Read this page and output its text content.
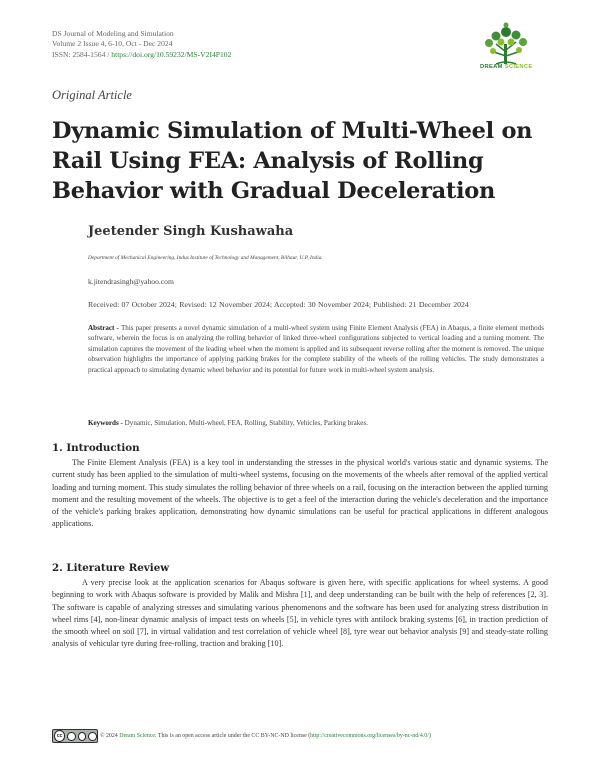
DS Journal of Modeling and Simulation
Volume 2 Issue 4, 6-10, Oct - Dec 2024
ISSN: 2584-1564 / https://doi.org/10.59232/MS-V2I4P102
DREAM SCIENCE
Original Article
Dynamic Simulation of Multi-Wheel on Rail Using FEA: Analysis of Rolling Behavior with Gradual Deceleration
Jeetender Singh Kushawaha
Department of Mechanical Engineering, Indus Institute of Technology and Management, Bilhaur, U.P, India.
k.jitendrasingh@yahoo.com
Received: 07 October 2024; Revised: 12 November 2024; Accepted: 30 November 2024; Published: 21 December 2024
Abstract - This paper presents a novel dynamic simulation of a multi-wheel system using Finite Element Analysis (FEA) in Abaqus, a finite element methods software, wherein the focus is on analyzing the rolling behavior of linked three-wheel configurations subjected to vertical loading and a turning moment. The simulation captures the movement of the leading wheel when the moment is applied and its subsequent reverse rolling after the moment is removed. The unique observation highlights the importance of applying parking brakes for the complete stability of the wheels of the rolling vehicles. The study demonstrates a practical approach to simulating dynamic wheel behavior and its potential for future work in multi-wheel system analysis.
Keywords - Dynamic, Simulation, Multi-wheel, FEA, Rolling, Stability, Vehicles, Parking brakes.
1. Introduction
The Finite Element Analysis (FEA) is a key tool in understanding the stresses in the physical world's various static and dynamic systems. The current study has been applied to the simulation of multi-wheel systems, focusing on the movements of the wheels after removal of the applied vertical loading and turning moment. This study simulates the rolling behavior of three wheels on a rail, focusing on the interaction between the applied turning moment and the resulting movement of the wheels. The objective is to get a feel of the interaction during the vehicle's deceleration and the importance of the vehicle's parking brakes application, demonstrating how dynamic simulations can be useful for practical applications in different analogous applications.
2. Literature Review
A very precise look at the application scenarios for Abaqus software is given here, with specific applications for wheel systems. A good beginning to work with Abaqus software is provided by Malik and Mishra [1], and deep understanding can be built with the help of references [2, 3]. The software is capable of analyzing stresses and simulating various phenomenons and the software has been used for analyzing stress distribution in wheel rims [4], non-linear dynamic analysis of impact tests on wheels [5], in vehicle tyres with antilock braking systems [6], in traction prediction of the smooth wheel on soil [7], in virtual validation and test correlation of vehicle wheel [8], tyre wear out behavior analysis [9] and steady-state rolling analysis of vehicular tyre during free-rolling, traction and braking [10].
cc	© 2024 Dream Science. This is an open access article under the CC BY-NC-ND license (http://creativecommons.org/licenses/by-nc-nd/4.0/)
